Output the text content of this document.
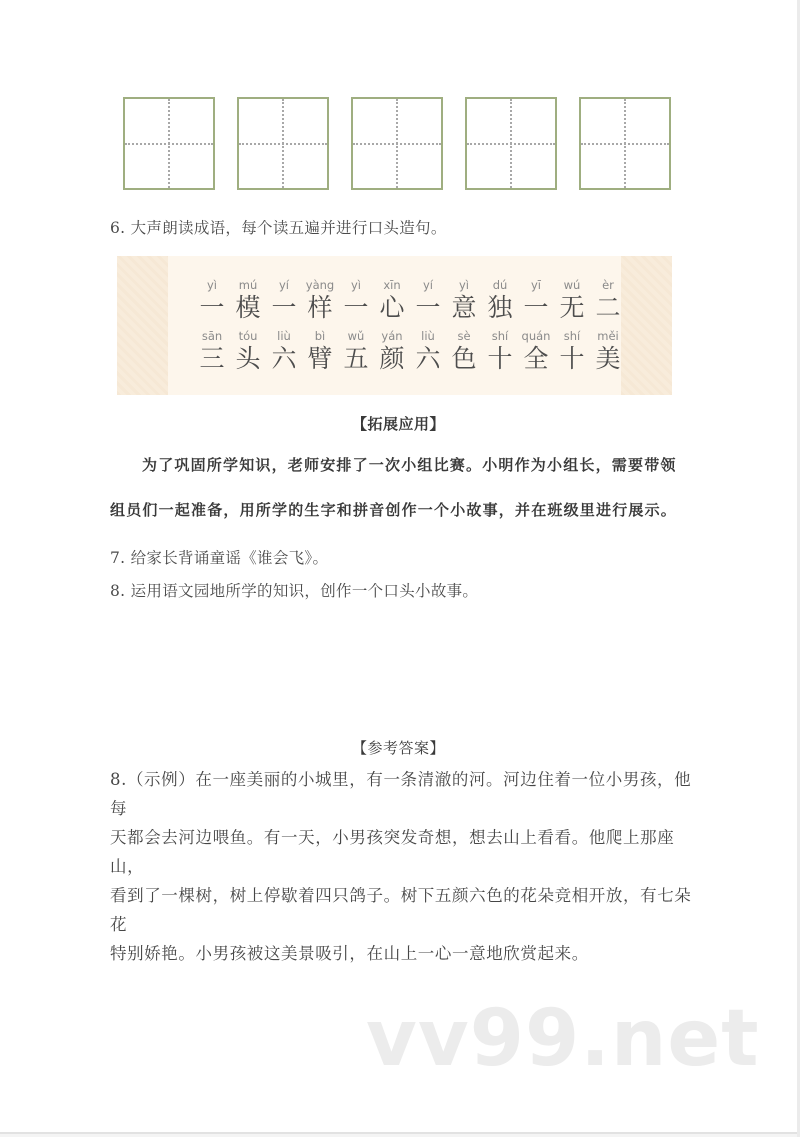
6. 大声朗读成语，每个读五遍并进行口头造句。
yì
一
mú
模
yí
一
yàng
样
yì
一
xīn
心
yí
一
yì
意
dú
独
yī
一
wú
无
èr
二
sān
三
tóu
头
liù
六
bì
臂
wǔ
五
yán
颜
liù
六
sè
色
shí
十
quán
全
shí
十
měi
美
【拓展应用】
为了巩固所学知识，老师安排了一次小组比赛。小明作为小组长，需要带领
组员们一起准备，用所学的生字和拼音创作一个小故事，并在班级里进行展示。
7. 给家长背诵童谣《谁会飞》。
8. 运用语文园地所学的知识，创作一个口头小故事。
【参考答案】
8.（示例）在一座美丽的小城里，有一条清澈的河。河边住着一位小男孩，他每
天都会去河边喂鱼。有一天，小男孩突发奇想，想去山上看看。他爬上那座山，
看到了一棵树，树上停歇着四只鸽子。树下五颜六色的花朵竞相开放，有七朵花
特别娇艳。小男孩被这美景吸引，在山上一心一意地欣赏起来。
vv99.net
